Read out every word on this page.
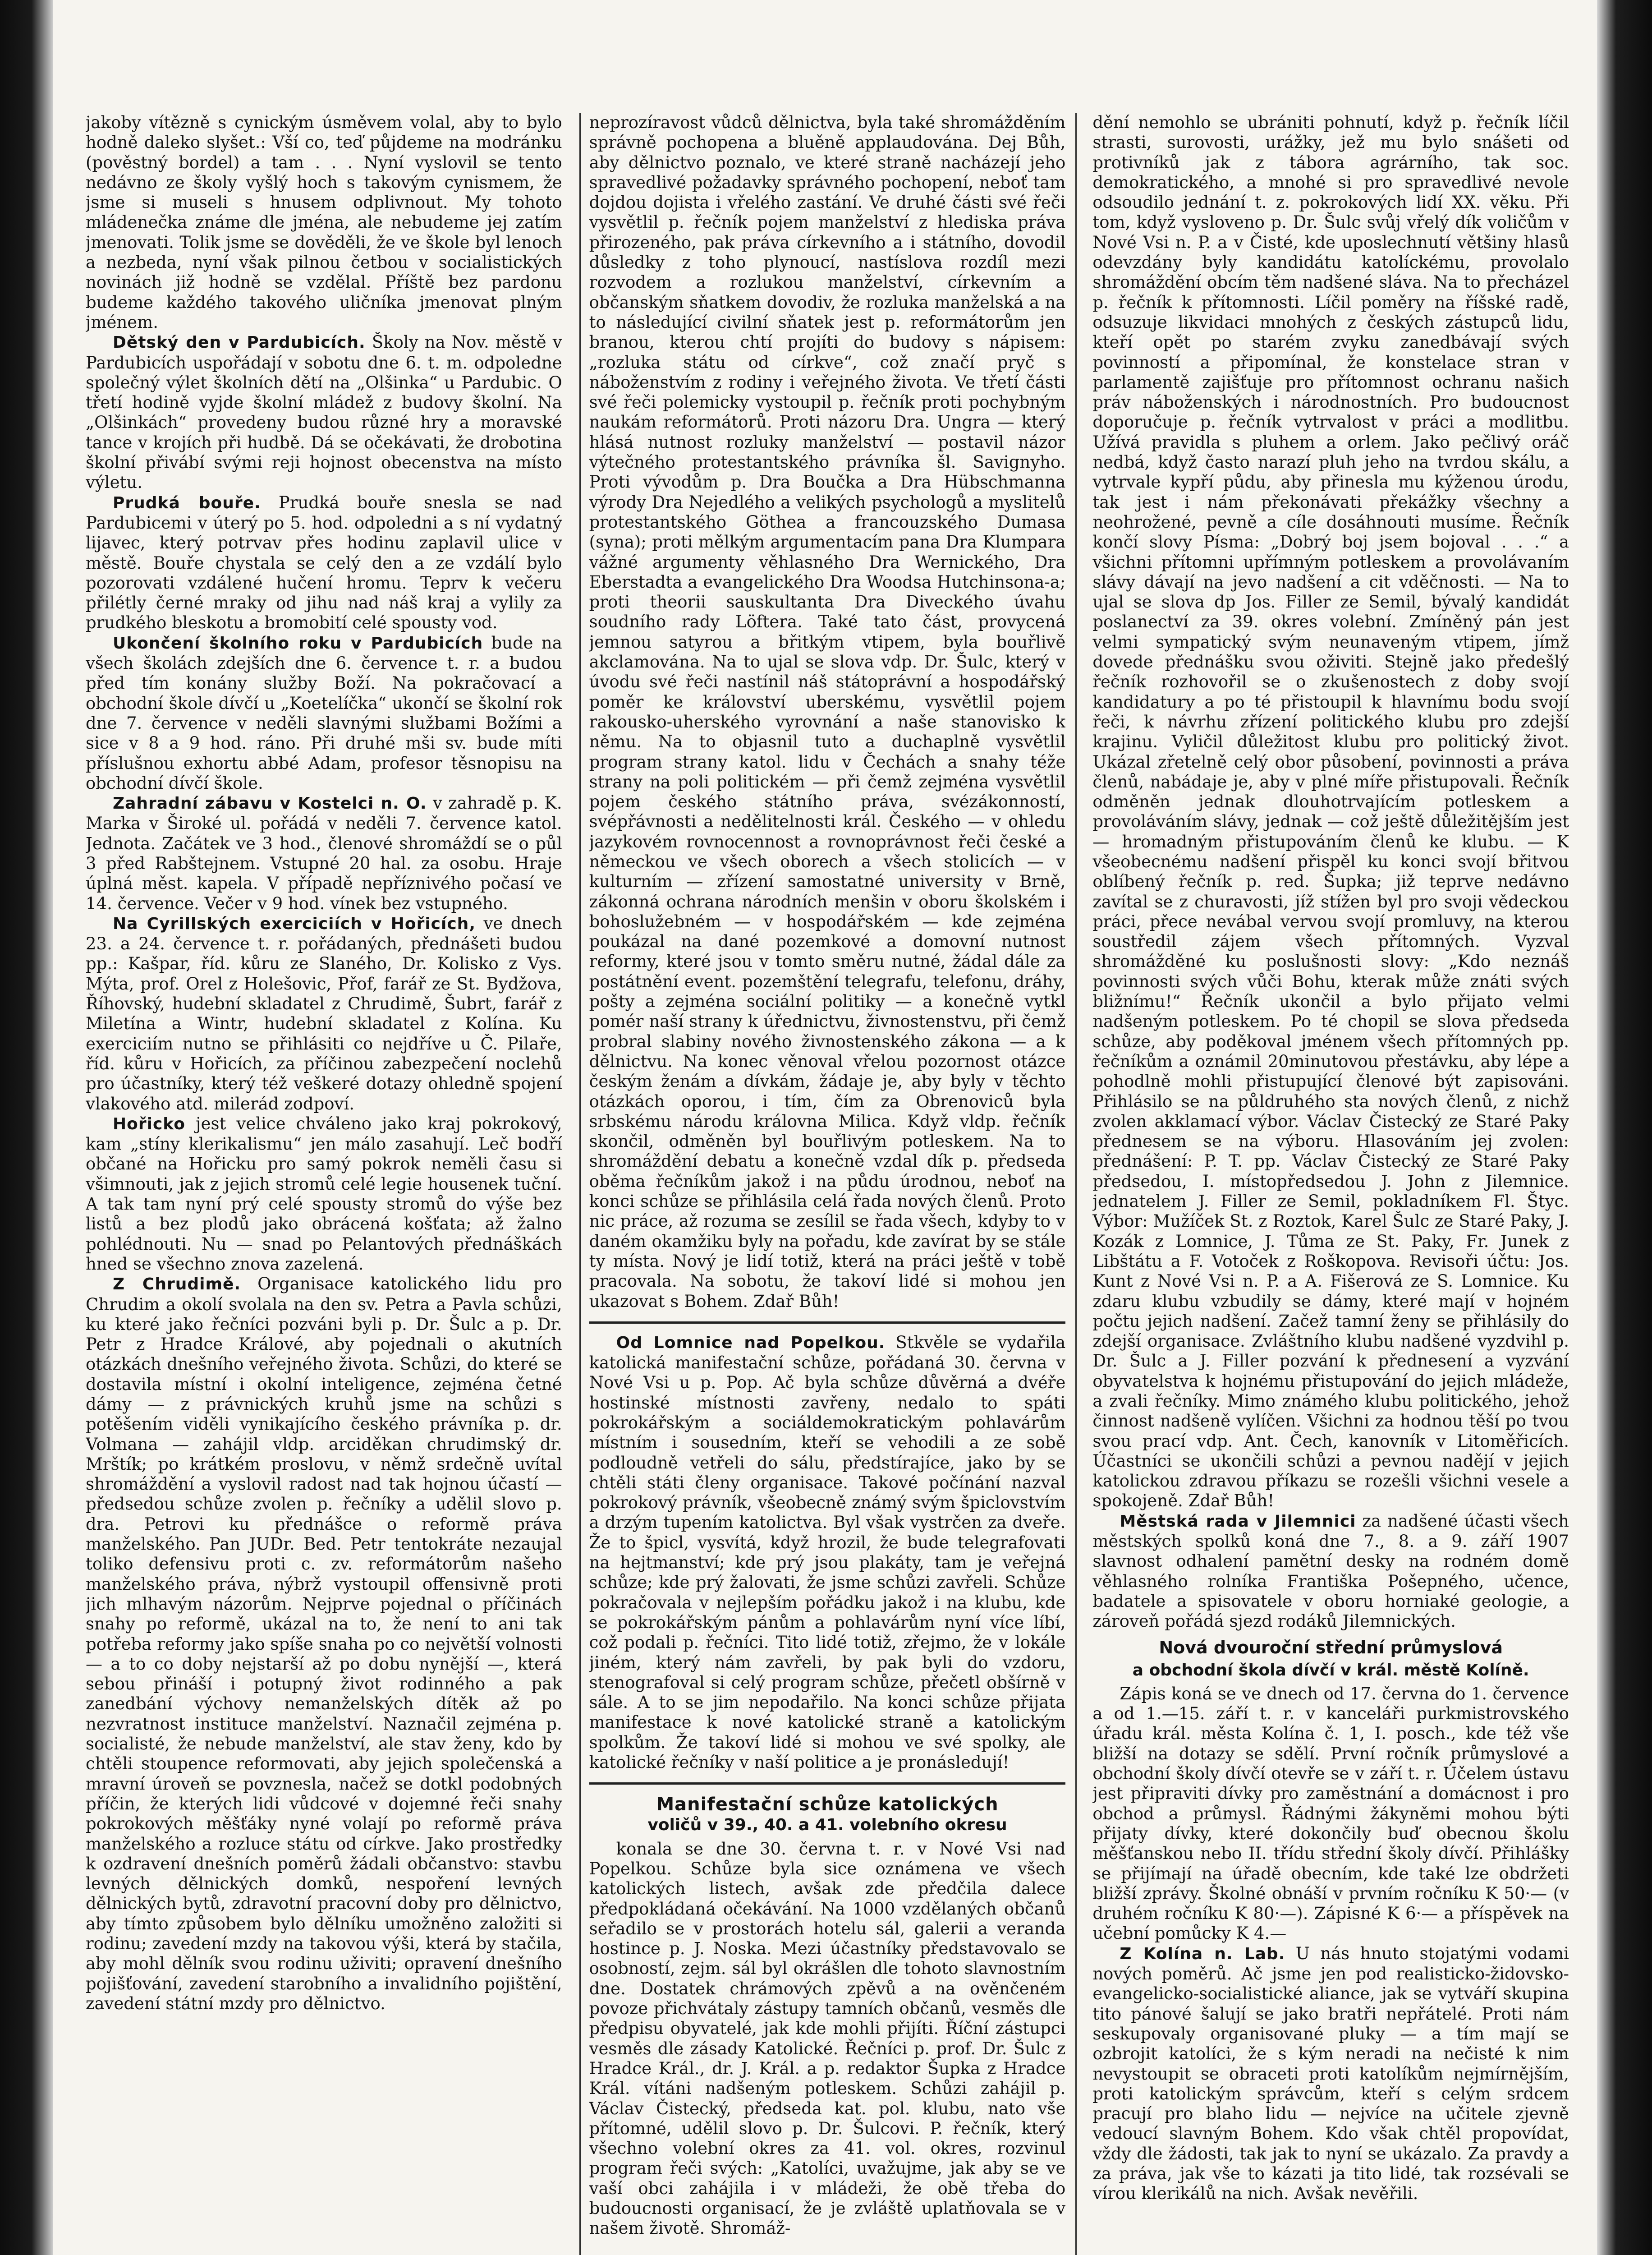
jakoby vítězně s cynickým úsměvem volal, aby to bylo hodně daleko slyšet.: Vší co, teď půjdeme na modránku (pověstný bordel) a tam . . . Nyní vyslovil se tento nedávno ze školy vyšlý hoch s takovým cynismem, že jsme si museli s hnusem odplivnout. My tohoto mládenečka známe dle jména, ale nebudeme jej zatím jmenovati. Tolik jsme se dověděli, že ve škole byl lenoch a nezbeda, nyní však pilnou četbou v socialistických novinách již hodně se vzdělal. Příště bez pardonu budeme každého takového uličníka jmenovat plným jménem.

Dětský den v Pardubicích. Školy na Nov. městě v Pardubicích uspořádají v sobotu dne 6. t. m. odpoledne společný výlet školních dětí na „Olšinka“ u Pardubic. O třetí hodině vyjde školní mládež z budovy školní. Na „Olšinkách“ provedeny budou různé hry a moravské tance v krojích při hudbě. Dá se očekávati, že drobotina školní přivábí svými reji hojnost obecenstva na místo výletu.

Prudká bouře. Prudká bouře snesla se nad Pardubicemi v úterý po 5. hod. odpoledni a s ní vydatný lijavec, který potrvav přes hodinu zaplavil ulice v městě. Bouře chystala se celý den a ze vzdálí bylo pozorovati vzdálené hučení hromu. Teprv k večeru přilétly černé mraky od jihu nad náš kraj a vylily za prudkého bleskotu a bromobití celé spousty vod.

Ukončení školního roku v Pardubicích bude na všech školách zdejších dne 6. července t. r. a budou před tím konány služby Boží. Na pokračovací a obchodní škole dívčí u „Koetelíčka“ ukončí se školní rok dne 7. července v neděli slavnými službami Božími a sice v 8 a 9 hod. ráno. Při druhé mši sv. bude míti příslušnou exhortu abbé Adam, profesor těsnopisu na obchodní dívčí škole.

Zahradní zábavu v Kostelci n. O. v zahradě p. K. Marka v Široké ul. pořádá v neděli 7. července katol. Jednota. Začátek ve 3 hod., členové shromáždí se o půl 3 před Rabštejnem. Vstupné 20 hal. za osobu. Hraje úplná měst. kapela. V případě nepříznivého počasí ve 14. července. Večer v 9 hod. vínek bez vstupného.

Na Cyrillských exerciciích v Hořicích, ve dnech 23. a 24. července t. r. pořádaných, přednášeti budou pp.: Kašpar, říd. kůru ze Slaného, Dr. Kolisko z Vys. Mýta, prof. Orel z Holešovic, Přof, farář ze St. Bydžova, Říhovský, hudební skladatel z Chrudimě, Šubrt, farář z Miletína a Wintr, hudební skladatel z Kolína. Ku exerciciím nutno se přihlásiti co nejdříve u Č. Pilaře, říd. kůru v Hořicích, za příčinou zabezpečení noclehů pro účastníky, který též veškeré dotazy ohledně spojení vlakového atd. milerád zodpoví.

Hořicko jest velice chváleno jako kraj pokrokový, kam „stíny klerikalismu“ jen málo zasahují. Leč bodří občané na Hořicku pro samý pokrok neměli času si všimnouti, jak z jejich stromů celé legie housenek tuční. A tak tam nyní prý celé spousty stromů do výše bez listů a bez plodů jako obrácená košťata; až žalno pohlédnouti. Nu — snad po Pelantových přednáškách hned se všechno znova zazelená.

Z Chrudimě. Organisace katolického lidu pro Chrudim a okolí svolala na den sv. Petra a Pavla schůzi, ku které jako řečníci pozváni byli p. Dr. Šulc a p. Dr. Petr z Hradce Králové, aby pojednali o akutních otázkách dnešního veřejného života. Schůzi, do které se dostavila místní i okolní inteligence, zejména četné dámy — z právnických kruhů jsme na schůzi s potěšením viděli vynikajícího českého právníka p. dr. Volmana — zahájil vldp. arciděkan chrudimský dr. Mrštík; po krátkém proslovu, v němž srdečně uvítal shromáždění a vyslovil radost nad tak hojnou účastí — předsedou schůze zvolen p. řečníky a udělil slovo p. dra. Petrovi ku přednášce o reformě práva manželského. Pan JUDr. Bed. Petr tentokráte nezaujal toliko defensivu proti c. zv. reformátorům našeho manželského práva, nýbrž vystoupil offensivně proti jich mlhavým názorům. Nejprve pojednal o příčinách snahy po reformě, ukázal na to, že není to ani tak potřeba reformy jako spíše snaha po co největší volnosti — a to co doby nejstarší až po dobu nynější —, která sebou přináší i potupný život rodinného a pak zanedbání výchovy nemanželských dítěk až po nezvratnost instituce manželství. Naznačil zejména p. socialisté, že nebude manželství, ale stav ženy, kdo by chtěli stoupence reformovati, aby jejich společenská a mravní úroveň se povznesla, načež se dotkl podobných příčin, že kterých lidi vůdcové v dojemné řeči snahy pokrokových měšťáky nyné volají po reformě práva manželského a rozluce státu od církve. Jako prostředky k ozdravení dnešních poměrů žádali občanstvo: stavbu levných dělnických domků, nespoření levných dělnických bytů, zdravotní pracovní doby pro dělnictvo, aby tímto způsobem bylo dělníku umožněno založiti si rodinu; zavedení mzdy na takovou výši, která by stačila, aby mohl dělník svou rodinu uživiti; opravení dnešního pojišťování, zavedení starobního a invalidního pojištění, zavedení státní mzdy pro dělnictvo.

neprozíravost vůdců dělnictva, byla také shromážděním správně pochopena a bluěně applaudována. Dej Bůh, aby dělnictvo poznalo, ve které straně nacházejí jeho spravedlivé požadavky správného pochopení, neboť tam dojdou dojista i vřelého zastání. Ve druhé části své řeči vysvětlil p. řečník pojem manželství z hlediska práva přirozeného, pak práva církevního a i státního, dovodil důsledky z toho plynoucí, nastíslova rozdíl mezi rozvodem a rozlukou manželství, církevním a občanským sňatkem dovodiv, že rozluka manželská a na to následující civilní sňatek jest p. reformátorům jen branou, kterou chtí projíti do budovy s nápisem: „rozluka státu od církve“, což značí pryč s náboženstvím z rodiny i veřejného života. Ve třetí části své řeči polemicky vystoupil p. řečník proti pochybným naukám reformátorů. Proti názoru Dra. Ungra — který hlásá nutnost rozluky manželství — postavil názor výtečného protestantského právníka šl. Savignyho. Proti vývodům p. Dra Boučka a Dra Hübschmanna výrody Dra Nejedlého a velikých psychologů a myslitelů protestantského Göthea a francouzského Dumasa (syna); proti mělkým argumentacím pana Dra Klumpara vážné argumenty věhlasného Dra Wernického, Dra Eberstadta a evangelického Dra Woodsa Hutchinsona-a; proti theorii sauskultanta Dra Diveckého úvahu soudního rady Löftera. Také tato část, provycená jemnou satyrou a břitkým vtipem, byla bouřlivě akclamována. Na to ujal se slova vdp. Dr. Šulc, který v úvodu své řeči nastínil náš státoprávní a hospodářský poměr ke království uberskému, vysvětlil pojem rakousko-uherského vyrovnání a naše stanovisko k němu. Na to objasnil tuto a duchaplně vysvětlil program strany katol. lidu v Čechách a snahy téže strany na poli politickém — při čemž zejména vysvětlil pojem českého státního práva, svézákonností, svépřávnosti a nedělitelnosti král. Českého — v ohledu jazykovém rovnocennost a rovnoprávnost řeči české a německou ve všech oborech a všech stolicích — v kulturním — zřízení samostatné university v Brně, zákonná ochrana národních menšin v oboru školském i bohoslužebném — v hospodářském — kde zejména poukázal na dané pozemkové a domovní nutnost reformy, které jsou v tomto směru nutné, žádal dále za postátnění event. pozemštění telegrafu, telefonu, dráhy, pošty a zejména sociální politiky — a konečně vytkl pomér naší strany k úřednictvu, živnostenstvu, při čemž probral slabiny nového živnostenského zákona — a k dělnictvu. Na konec věnoval vřelou pozornost otázce českým ženám a dívkám, žádaje je, aby byly v těchto otázkách oporou, i tím, čím za Obrenoviců byla srbskému národu královna Milica. Když vldp. řečník skončil, odměněn byl bouřlivým potleskem. Na to shromáždění debatu a konečně vzdal dík p. předseda oběma řečníkům jakož i na půdu úrodnou, neboť na konci schůze se přihlásila celá řada nových členů. Proto nic práce, až rozuma se zesílil se řada všech, kdyby to v daném okamžiku byly na pořadu, kde zavírat by se stále ty místa. Nový je lidí totiž, která na práci ještě v tobě pracovala. Na sobotu, že takoví lidé si mohou jen ukazovat s Bohem. Zdař Bůh!

Od Lomnice nad Popelkou. Stkvěle se vydařila katolická manifestační schůze, pořádaná 30. června v Nové Vsi u p. Pop. Ač byla schůze důvěrná a dvéře hostinské místnosti zavřeny, nedalo to spáti pokrokářským a sociáldemokratickým pohlavárům místním i sousedním, kteří se vehodili a ze sobě podloudně vetřeli do sálu, předstírajíce, jako by se chtěli státi členy organisace. Takové počínání nazval pokrokový právník, všeobecně známý svým špiclovstvím a drzým tupením katolictva. Byl však vystrčen za dveře. Že to špicl, vysvítá, když hrozil, že bude telegrafovati na hejtmanství; kde prý jsou plakáty, tam je veřejná schůze; kde prý žalovati, že jsme schůzi zavřeli. Schůze pokračovala v nejlepším pořádku jakož i na klubu, kde se pokrokářským pánům a pohlavárům nyní více líbí, což podali p. řečníci. Tito lidé totiž, zřejmo, že v lokále jiném, který nám zavřeli, by pak byli do vzdoru, stenografoval si celý program schůze, přečetl obšírně v sále. A to se jim nepodařilo. Na konci schůze přijata manifestace k nové katolické straně a katolickým spolkům. Že takoví lidé si mohou ve své spolky, ale katolické řečníky v naší politice a je pronásledují!

Manifestační schůze katolických
voličů v 39., 40. a 41. volebního okresu

konala se dne 30. června t. r. v Nové Vsi nad Popelkou. Schůze byla sice oznámena ve všech katolických listech, avšak zde předčila dalece předpokládaná očekávání. Na 1000 vzdělaných občanů seřadilo se v prostorách hotelu sál, galerii a veranda hostince p. J. Noska. Mezi účastníky představovalo se osobností, zejm. sál byl okrášlen dle tohoto slavnostním dne. Dostatek chrámových zpěvů a na ověnčeném povoze přichvátaly zástupy tamních občanů, vesměs dle předpisu obyvatelé, jak kde mohli přijíti. Říční zástupci vesměs dle zásady Katolické. Řečníci p. prof. Dr. Šulc z Hradce Král., dr. J. Král. a p. redaktor Šupka z Hradce Král. vítáni nadšeným potleskem. Schůzi zahájil p. Václav Čistecký, předseda kat. pol. klubu, nato vše přítomné, udělil slovo p. Dr. Šulcovi. P. řečník, který všechno volební okres za 41. vol. okres, rozvinul program řeči svých: „Katolíci, uvažujme, jak aby se ve vaší obci zahájila i v mládeži, že obě třeba do budoucnosti organisací, že je zvláště uplatňovala se v našem životě. Shromáž-

dění nemohlo se ubrániti pohnutí, když p. řečník líčil strasti, surovosti, urážky, jež mu bylo snášeti od protivníků jak z tábora agrárního, tak soc. demokratického, a mnohé si pro spravedlivé nevole odsoudilo jednání t. z. pokrokových lidí XX. věku. Při tom, když vysloveno p. Dr. Šulc svůj vřelý dík voličům v Nové Vsi n. P. a v Čisté, kde uposlechnutí většiny hlasů odevzdány byly kandidátu katolíckému, provolalo shromáždění obcím těm nadšené sláva. Na to přecházel p. řečník k přítomnosti. Líčil poměry na říšské radě, odsuzuje likvidaci mnohých z českých zástupců lidu, kteří opět po starém zvyku zanedbávají svých povinností a připomínal, že konstelace stran v parlamentě zajišťuje pro přítomnost ochranu našich práv náboženských i národnostních. Pro budoucnost doporučuje p. řečník vytrvalost v práci a modlitbu. Užívá pravidla s pluhem a orlem. Jako pečlivý oráč nedbá, když často narazí pluh jeho na tvrdou skálu, a vytrvale kypří půdu, aby přinesla mu kýženou úrodu, tak jest i nám překonávati překážky všechny a neohrožené, pevně a cíle dosáhnouti musíme. Řečník končí slovy Písma: „Dobrý boj jsem bojoval . . .“ a všichni přítomni upřímným potleskem a provolávaním slávy dávají na jevo nadšení a cit vděčnosti. — Na to ujal se slova dp Jos. Filler ze Semil, bývalý kandidát poslanectví za 39. okres volební. Zmíněný pán jest velmi sympatický svým neunaveným vtipem, jímž dovede přednášku svou oživiti. Stejně jako předešlý řečník rozhovořil se o zkušenostech z doby svojí kandidatury a po té přistoupil k hlavnímu bodu svojí řeči, k návrhu zřízení politického klubu pro zdejší krajinu. Vyličil důležitost klubu pro politický život. Ukázal zřetelně celý obor působení, povinnosti a práva členů, nabádaje je, aby v plné míře přistupovali. Řečník odměněn jednak dlouhotrvajícím potleskem a provoláváním slávy, jednak — což ještě důležitějším jest — hromadným přistupováním členů ke klubu. — K všeobecnému nadšení přispěl ku konci svojí břitvou oblíbený řečník p. red. Šupka; již teprve nedávno zavítal se z churavosti, jíž stížen byl pro svoji vědeckou práci, přece nevábal vervou svojí promluvy, na kterou soustředil zájem všech přítomných. Vyzval shromážděné ku poslušnosti slovy: „Kdo neznáš povinnosti svých vůči Bohu, kterak může znáti svých bližnímu!“ Řečník ukončil a bylo přijato velmi nadšeným potleskem. Po té chopil se slova předseda schůze, aby poděkoval jménem všech přítomných pp. řečníkům a oznámil 20minutovou přestávku, aby lépe a pohodlně mohli přistupující členové být zapisováni. Přihlásilo se na půldruhého sta nových členů, z nichž zvolen akklamací výbor. Václav Čistecký ze Staré Paky přednesem se na výboru. Hlasováním jej zvolen: přednášení: P. T. pp. Václav Čistecký ze Staré Paky předsedou, I. místopředsedou J. John z Jilemnice. jednatelem J. Filler ze Semil, pokladníkem Fl. Štyc. Výbor: Mužíček St. z Roztok, Karel Šulc ze Staré Paky, J. Kozák z Lomnice, J. Tůma ze St. Paky, Fr. Junek z Libštátu a F. Votoček z Roškopova. Revisoři účtu: Jos. Kunt z Nové Vsi n. P. a A. Fišerová ze S. Lomnice. Ku zdaru klubu vzbudily se dámy, které mají v hojném počtu jejich nadšení. Začež tamní ženy se přihlásily do zdejší organisace. Zvláštního klubu nadšené vyzdvihl p. Dr. Šulc a J. Filler pozvání k přednesení a vyzvání obyvatelstva k hojnému přistupování do jejich mládeže, a zvali řečníky. Mimo známého klubu politického, jehož činnost nadšeně vylíčen. Všichni za hodnou těší po tvou svou prací vdp. Ant. Čech, kanovník v Litoměřicích. Účastníci se ukončili schůzi a pevnou nadějí v jejich katolickou zdravou příkazu se rozešli všichni vesele a spokojeně. Zdař Bůh!

Městská rada v Jilemnici za nadšené účasti všech městských spolků koná dne 7., 8. a 9. září 1907 slavnost odhalení pamětní desky na rodném domě věhlasného rolníka Františka Pošepného, učence, badatele a spisovatele v oboru horniaké geologie, a zároveň pořádá sjezd rodáků Jilemnických.

Nová dvouroční střední průmyslová
a obchodní škola dívčí v král. městě Kolíně.

Zápis koná se ve dnech od 17. června do 1. července a od 1.—15. září t. r. v kanceláři purkmistrovského úřadu král. města Kolína č. 1, I. posch., kde též vše bližší na dotazy se sdělí. První ročník průmyslové a obchodní školy dívčí otevře se v září t. r. Účelem ústavu jest připraviti dívky pro zaměstnání a domácnost i pro obchod a průmysl. Řádnými žákyněmi mohou býti přijaty dívky, které dokončily buď obecnou školu měšťanskou nebo II. třídu střední školy dívčí. Přihlášky se přijímají na úřadě obecním, kde také lze obdržeti bližší zprávy. Školné obnáší v prvním ročníku K 50·— (v druhém ročníku K 80·—). Zápisné K 6·— a příspěvek na učební pomůcky K 4.—

Z Kolína n. Lab. U nás hnuto stojatými vodami nových poměrů. Ač jsme jen pod realisticko-židovsko-evangelicko-socialistické aliance, jak se vytváří skupina tito pánové šalují se jako bratři nepřátelé. Proti nám seskupovaly organisované pluky — a tím mají se ozbrojit katolíci, že s kým neradi na nečisté k nim nevystoupit se obraceti proti katolíkům nejmírnějším, proti katolickým správcům, kteří s celým srdcem pracují pro blaho lidu — nejvíce na učitele zjevně vedoucí slavným Bohem. Kdo však chtěl propovídat, vždy dle žádosti, tak jak to nyní se ukázalo. Za pravdy a za práva, jak vše to kázati ja tito lidé, tak rozsévali se vírou klerikálů na nich. Avšak nevěřili.
